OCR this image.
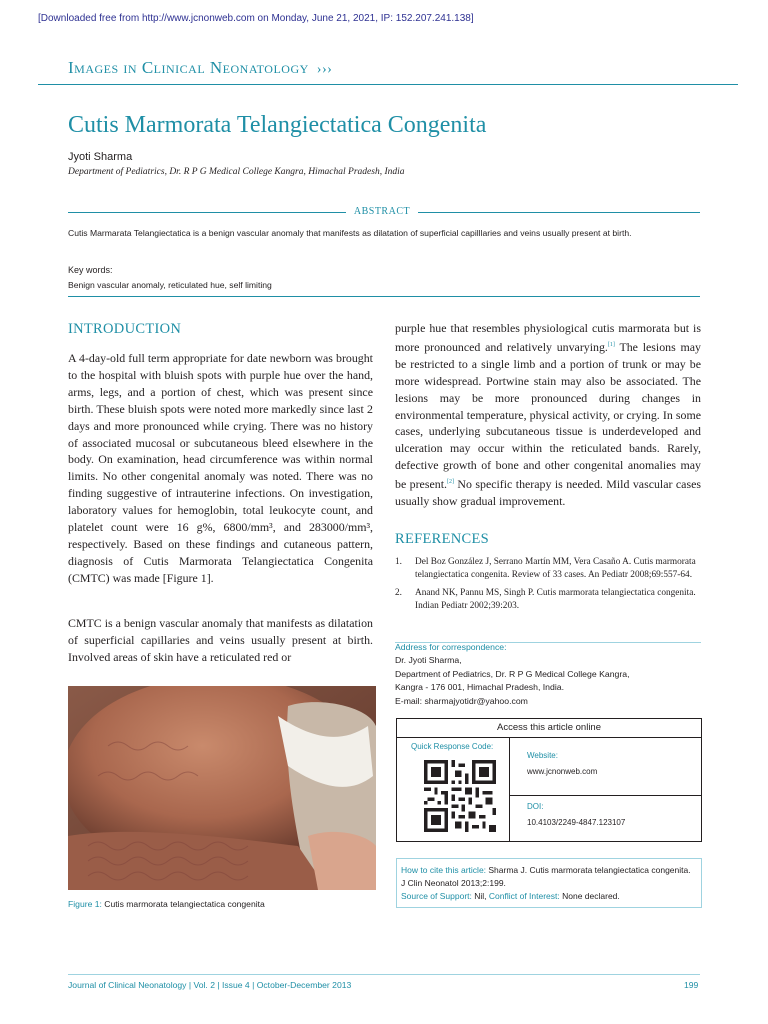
[Downloaded free from http://www.jcnonweb.com on Monday, June 21, 2021, IP: 152.207.241.138]
Images in Clinical Neonatology ›››
Cutis Marmorata Telangiectatica Congenita
Jyoti Sharma
Department of Pediatrics, Dr. R P G Medical College Kangra, Himachal Pradesh, India
ABSTRACT
Cutis Marmarata Telangiectatica is a benign vascular anomaly that manifests as dilatation of superficial capilllaries and veins usually present at birth.
Key words:
Benign vascular anomaly, reticulated hue, self limiting
INTRODUCTION

A 4-day-old full term appropriate for date newborn was brought to the hospital with bluish spots with purple hue over the hand, arms, legs, and a portion of chest, which was present since birth. These bluish spots were noted more markedly since last 2 days and more pronounced while crying. There was no history of associated mucosal or subcutaneous bleed elsewhere in the body. On examination, head circumference was within normal limits. No other congenital anomaly was noted. There was no finding suggestive of intrauterine infections. On investigation, laboratory values for hemoglobin, total leukocyte count, and platelet count were 16 g%, 6800/mm³, and 283000/mm³, respectively. Based on these findings and cutaneous pattern, diagnosis of Cutis Marmorata Telangiectatica Congenita (CMTC) was made [Figure 1].

CMTC is a benign vascular anomaly that manifests as dilatation of superficial capillaries and veins usually present at birth. Involved areas of skin have a reticulated red or

Figure 1: Cutis marmorata telangiectatica congenita

purple hue that resembles physiological cutis marmorata but is more pronounced and relatively unvarying.[1] The lesions may be restricted to a single limb and a portion of trunk or may be more widespread. Portwine stain may also be associated. The lesions may be more pronounced during changes in environmental temperature, physical activity, or crying. In some cases, underlying subcutaneous tissue is underdeveloped and ulceration may occur within the reticulated bands. Rarely, defective growth of bone and other congenital anomalies may be present.[2] No specific therapy is needed. Mild vascular cases usually show gradual improvement.

REFERENCES
1.	Del Boz González J, Serrano Martín MM, Vera Casaño A. Cutis marmorata telangiectatica congenita. Review of 33 cases. An Pediatr 2008;69:557-64.
2.	Anand NK, Pannu MS, Singh P. Cutis marmorata telangiectatica congenita. Indian Pediatr 2002;39:203.
Address for correspondence:
Dr. Jyoti Sharma,
Department of Pediatrics, Dr. R P G Medical College Kangra,
Kangra - 176 001, Himachal Pradesh, India.
E-mail: sharmajyotidr@yahoo.com
Access this article online
Quick Response Code:
Website:
www.jcnonweb.com
DOI:
10.4103/2249-4847.123107

How to cite this article: Sharma J. Cutis marmorata telangiectatica congenita. J Clin Neonatol 2013;2:199.

Source of Support: Nil, Conflict of Interest: None declared.

Journal of Clinical Neonatology | Vol. 2 | Issue 4 | October-December 2013	199
